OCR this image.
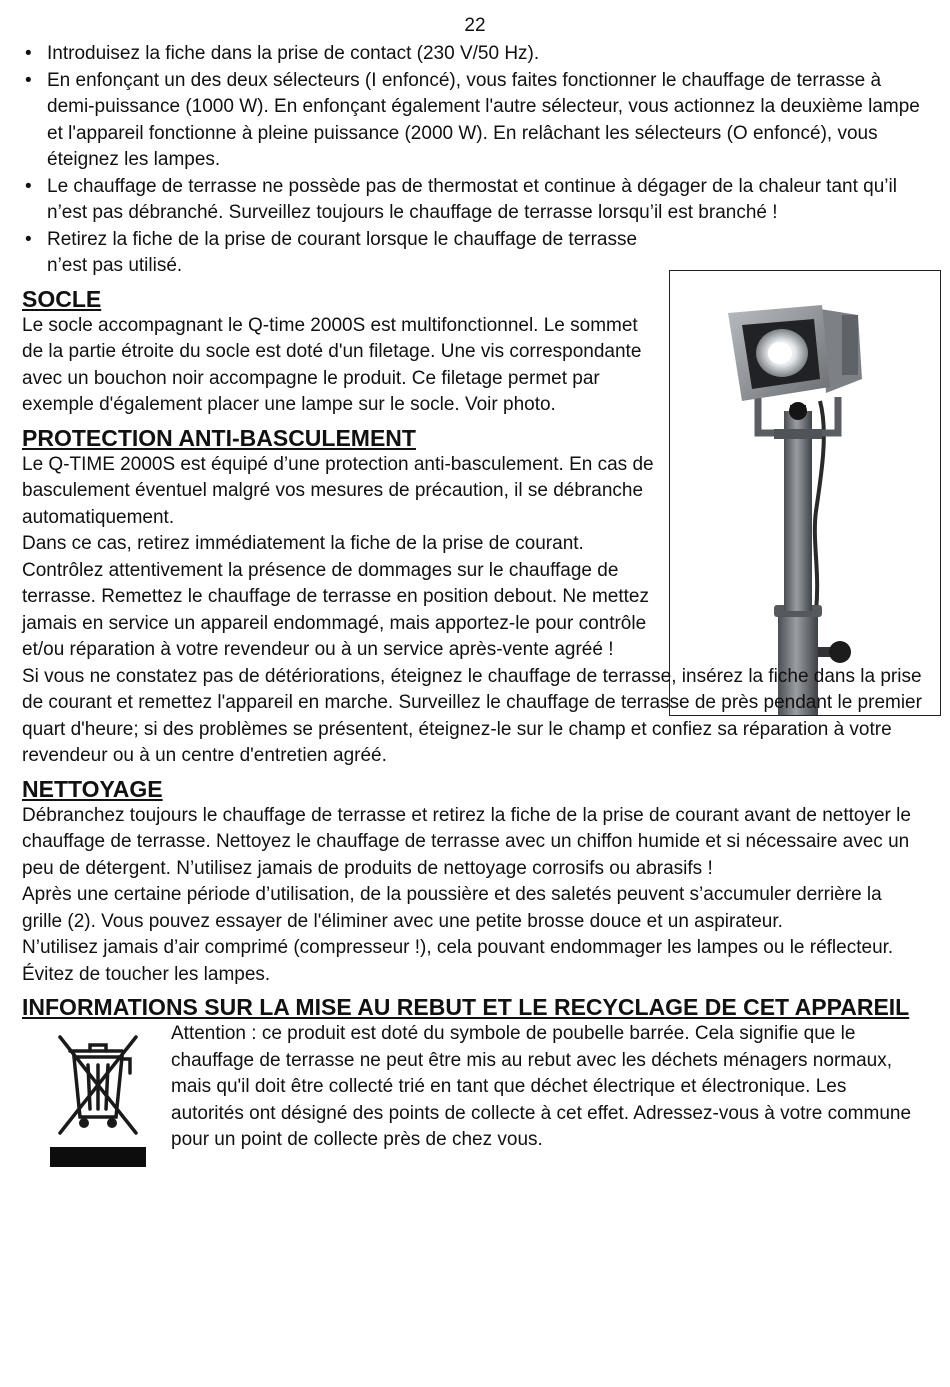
22
• Introduisez la fiche dans la prise de contact (230 V/50 Hz).
• En enfonçant un des deux sélecteurs (I enfoncé), vous faites fonctionner le chauffage de terrasse à demi-puissance (1000 W). En enfonçant également l'autre sélecteur, vous actionnez la deuxième lampe et l'appareil fonctionne à pleine puissance (2000 W). En relâchant les sélecteurs (O enfoncé), vous éteignez les lampes.
• Le chauffage de terrasse ne possède pas de thermostat et continue à dégager de la chaleur tant qu’il n’est pas débranché. Surveillez toujours le chauffage de terrasse lorsqu’il est branché !
• Retirez la fiche de la prise de courant lorsque le chauffage de terrasse n’est pas utilisé.
SOCLE

Le socle accompagnant le Q-time 2000S est multifonctionnel. Le sommet de la partie étroite du socle est doté d'un filetage. Une vis correspondante avec un bouchon noir accompagne le produit. Ce filetage permet par exemple d'également placer une lampe sur le socle. Voir photo.

PROTECTION ANTI-BASCULEMENT

Le Q-TIME 2000S est équipé d’une protection anti-basculement. En cas de basculement éventuel malgré vos mesures de précaution, il se débranche automatiquement.

Dans ce cas, retirez immédiatement la fiche de la prise de courant. Contrôlez attentivement la présence de dommages sur le chauffage de terrasse. Remettez le chauffage de terrasse en position debout. Ne mettez jamais en service un appareil endommagé, mais apportez-le pour contrôle et/ou réparation à votre revendeur ou à un service après-vente agréé !

Si vous ne constatez pas de détériorations, éteignez le chauffage de terrasse, insérez la fiche dans la prise de courant et remettez l'appareil en marche. Surveillez le chauffage de terrasse de près pendant le premier quart d'heure; si des problèmes se présentent, éteignez-le sur le champ et confiez sa réparation à votre revendeur ou à un centre d'entretien agréé.

NETTOYAGE

Débranchez toujours le chauffage de terrasse et retirez la fiche de la prise de courant avant de nettoyer le chauffage de terrasse. Nettoyez le chauffage de terrasse avec un chiffon humide et si nécessaire avec un peu de détergent. N’utilisez jamais de produits de nettoyage corrosifs ou abrasifs !

Après une certaine période d’utilisation, de la poussière et des saletés peuvent s’accumuler derrière la grille (2). Vous pouvez essayer de l'éliminer avec une petite brosse douce et un aspirateur.

N’utilisez jamais d’air comprimé (compresseur !), cela pouvant endommager les lampes ou le réflecteur. Évitez de toucher les lampes.

INFORMATIONS SUR LA MISE AU REBUT ET LE RECYCLAGE DE CET APPAREIL

Attention : ce produit est doté du symbole de poubelle barrée. Cela signifie que le chauffage de terrasse ne peut être mis au rebut avec les déchets ménagers normaux, mais qu'il doit être collecté trié en tant que déchet électrique et électronique. Les autorités ont désigné des points de collecte à cet effet. Adressez-vous à votre commune pour un point de collecte près de chez vous.
